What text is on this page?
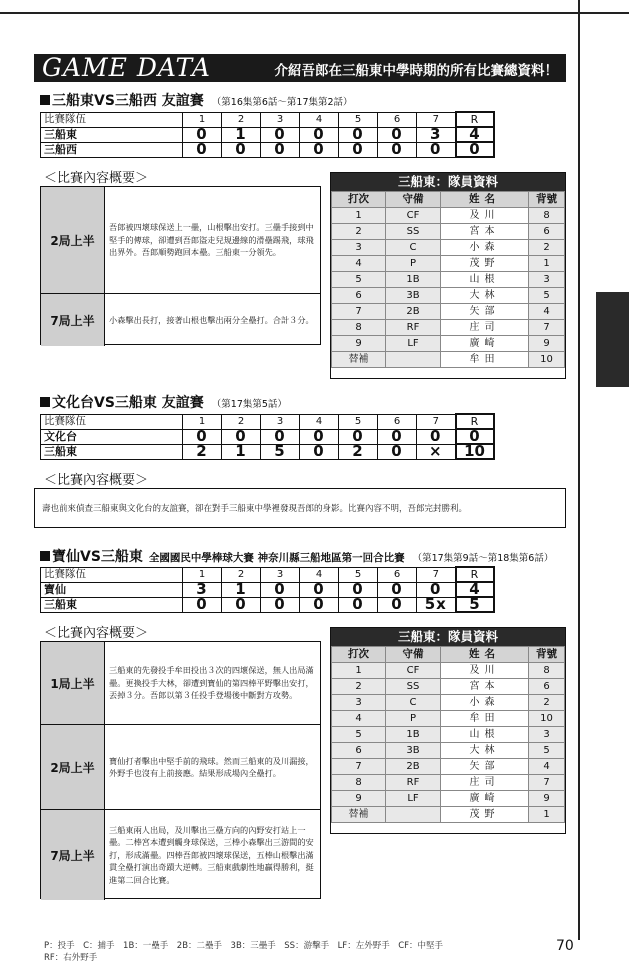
GAME DATA	介紹吾郎在三船東中學時期的所有比賽總資料！
三船東VS三船西 友誼賽 （第16集第6話～第17集第2話）
比賽隊伍	1	2	3	4	5	6	7	R
三船東	0	1	0	0	0	0	3	4
三船西	0	0	0	0	0	0	0	0
＜比賽內容概要＞
2局上半
吾郎被四壞球保送上一壘，山根擊出安打。三壘手接到中堅手的傳球，卻遭到吾郎盜走兒規邊線的滑壘踢飛，球飛出界外。吾郎順勢跑回本壘。三船東一分領先。
7局上半	小森擊出長打，接著山根也擊出兩分全壘打。合計３分。
三船東：隊員資料
打次	守備	姓名	背號
1	CF	及川	8
2	SS	宮本	6
3	C	小森	2
4	P	茂野	1
5	1B	山根	3
6	3B	大林	5
7	2B	矢部	4
8	RF	庄司	7
9	LF	廣崎	9
替補		牟田	10
文化台VS三船東 友誼賽 （第17集第5話）
比賽隊伍	1	2	3	4	5	6	7	R
文化台	0	0	0	0	0	0	0	0
三船東	2	1	5	0	2	0	×	10
＜比賽內容概要＞
壽也前來偵查三船東與文化台的友誼賽，卻在對手三船東中學裡發現吾郎的身影。比賽內容不明，吾郎完封勝利。
寶仙VS三船東 全國國民中學棒球大賽 神奈川縣三船地區第一回合比賽 （第17集第9話～第18集第6話）
比賽隊伍	1	2	3	4	5	6	7	R
寶仙	3	1	0	0	0	0	0	4
三船東	0	0	0	0	0	0	5x	5
＜比賽內容概要＞
1局上半
三船東的先發投手牟田投出３次的四壞保送，無人出局滿壘。更換投手大林，卻遭到寶仙的第四棒平野擊出安打，丟掉３分。吾郎以第３任投手登場後中斷對方攻勢。
2局上半	寶仙打者擊出中堅手前的飛球。然而三船東的及川漏接，外野手也沒有上前接應。結果形成場內全壘打。
7局上半
三船東兩人出局，及川擊出三壘方向的內野安打站上一壘。二棒宮本遭到觸身球保送，三棒小森擊出三游間的安打，形成滿壘。四棒吾郎被四壞球保送，五棒山根擊出滿貫全壘打演出奇蹟大逆轉。三船東戲劇性地贏得勝利，挺進第二回合比賽。
三船東：隊員資料
打次	守備	姓名	背號
1	CF	及川	8
2	SS	宮本	6
3	C	小森	2
4	P	牟田	10
5	1B	山根	3
6	3B	大林	5
7	2B	矢部	4
8	RF	庄司	7
9	LF	廣崎	9
替補		茂野	1
P：投手　C：捕手　1B：一壘手　2B：二壘手　3B：三壘手　SS：游擊手　LF：左外野手　CF：中堅手
RF：右外野手
70
